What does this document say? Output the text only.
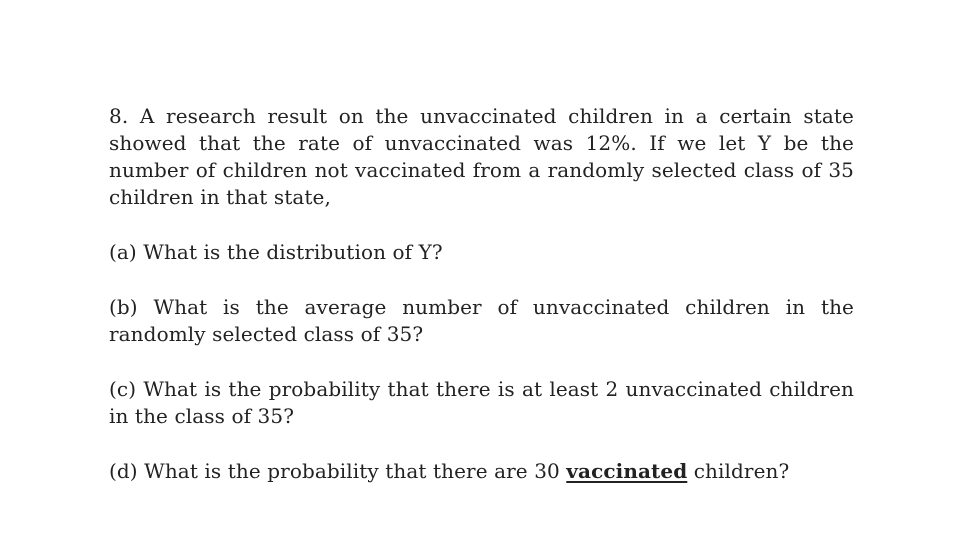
8. A research result on the unvaccinated children in a certain state showed that the rate of unvaccinated was 12%. If we let Y be the number of children not vaccinated from a randomly selected class of 35 children in that state,

(a) What is the distribution of Y?

(b) What is the average number of unvaccinated children in the randomly selected class of 35?

(c) What is the probability that there is at least 2 unvaccinated children in the class of 35?

(d) What is the probability that there are 30 vaccinated children?
